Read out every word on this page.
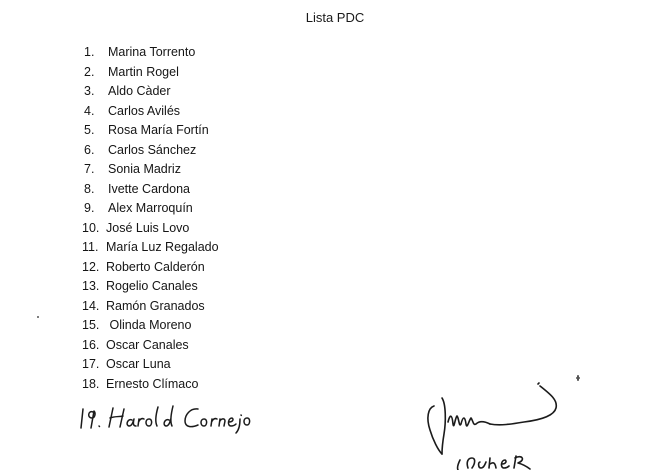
Lista PDC
1.	Marina Torrento
2.	Martin Rogel
3.	Aldo Càder
4.	Carlos Avilés
5.	Rosa María Fortín
6.	Carlos Sánchez
7.	Sonia Madriz
8.	Ivette Cardona
9.	Alex Marroquín
10. José Luis Lovo
11. María Luz Regalado
12. Roberto Calderón
13. Rogelio Canales
14. Ramón Granados
15. Olinda Moreno
16. Oscar Canales
17. Oscar Luna
18. Ernesto Clímaco
